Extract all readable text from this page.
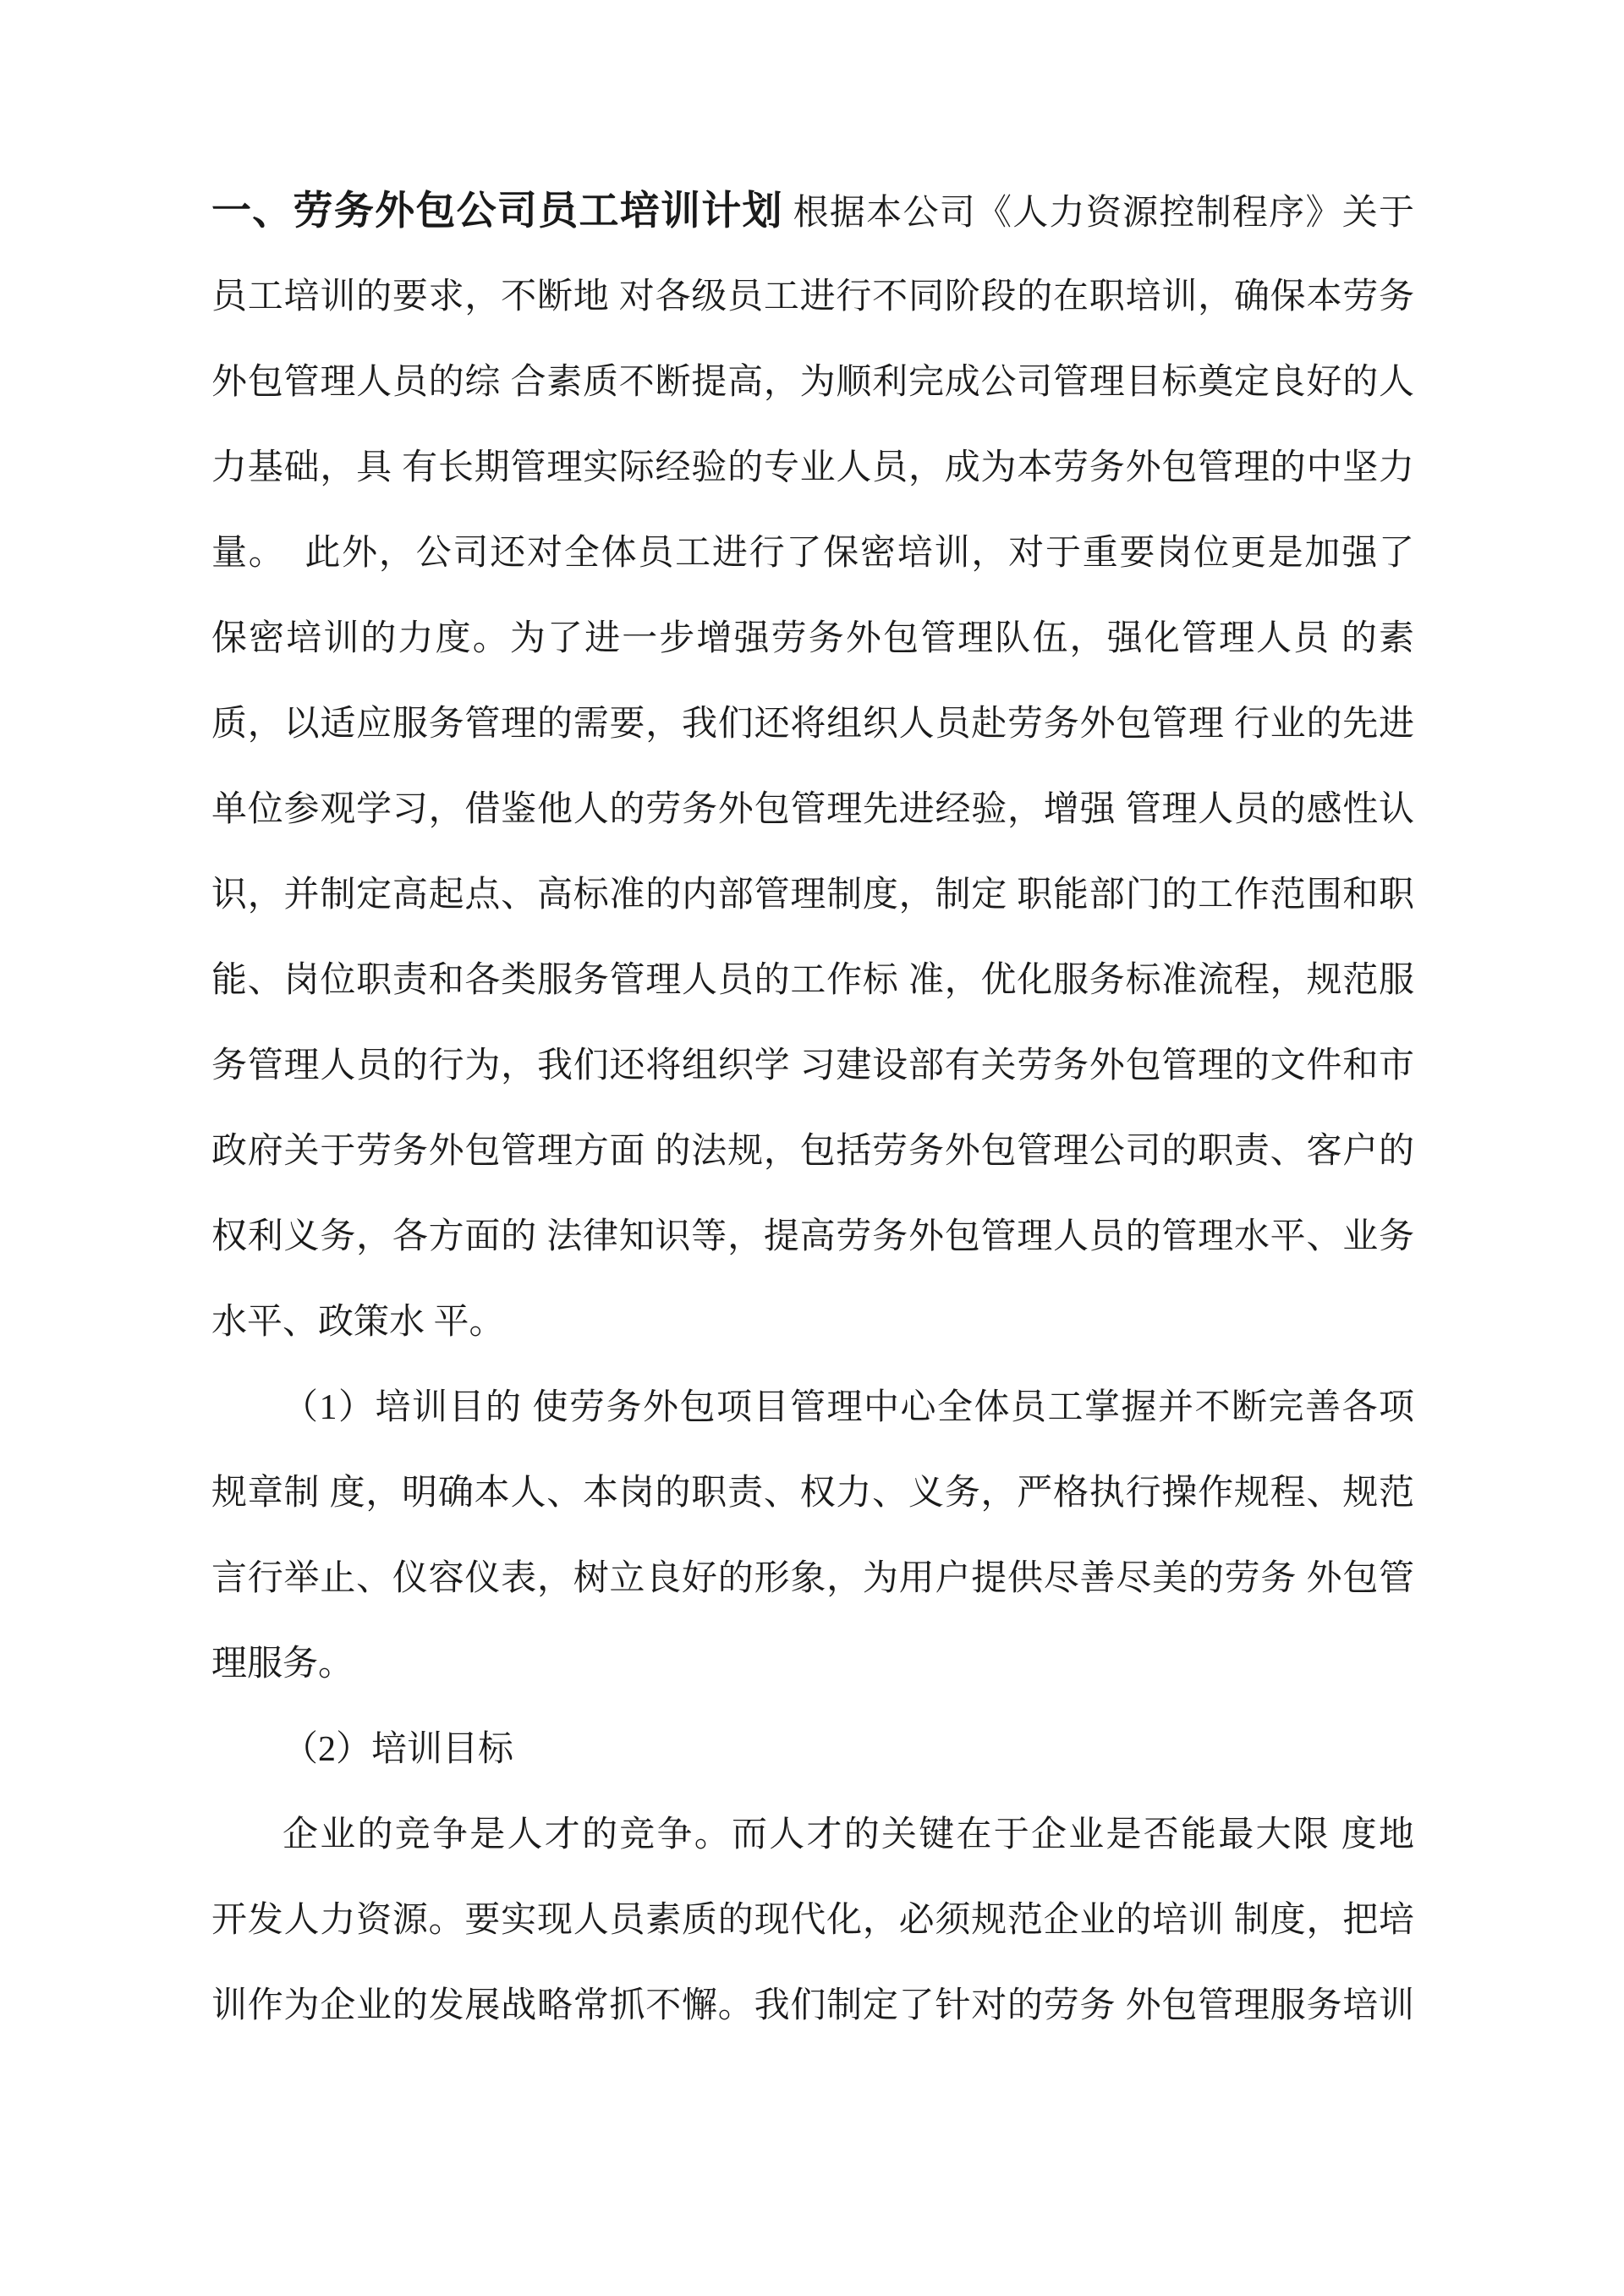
一、劳务外包公司员工培训计划 根据本公司《人力资源控制程序》关于
员工培训的要求，不断地 对各级员工进行不同阶段的在职培训，确保本劳务
外包管理人员的综 合素质不断提高，为顺利完成公司管理目标奠定良好的人
力基础，具 有长期管理实际经验的专业人员，成为本劳务外包管理的中坚力
量。　此外，公司还对全体员工进行了保密培训，对于重要岗位更是加强了
保密培训的力度。为了进一步增强劳务外包管理队伍，强化管理人员 的素
质，以适应服务管理的需要，我们还将组织人员赴劳务外包管理 行业的先进
单位参观学习，借鉴他人的劳务外包管理先进经验，增强 管理人员的感性认
识，并制定高起点、高标准的内部管理制度，制定 职能部门的工作范围和职
能、岗位职责和各类服务管理人员的工作标 准，优化服务标准流程，规范服
务管理人员的行为，我们还将组织学 习建设部有关劳务外包管理的文件和市
政府关于劳务外包管理方面 的法规，包括劳务外包管理公司的职责、客户的
权利义务，各方面的 法律知识等，提高劳务外包管理人员的管理水平、业务
水平、政策水 平。
（1）培训目的 使劳务外包项目管理中心全体员工掌握并不断完善各项
规章制 度，明确本人、本岗的职责、权力、义务，严格执行操作规程、规范
言行举止、仪容仪表，树立良好的形象，为用户提供尽善尽美的劳务 外包管
理服务。
（2）培训目标
企业的竞争是人才的竞争。而人才的关键在于企业是否能最大限 度地
开发人力资源。要实现人员素质的现代化，必须规范企业的培训 制度，把培
训作为企业的发展战略常抓不懈。我们制定了针对的劳务 外包管理服务培训
